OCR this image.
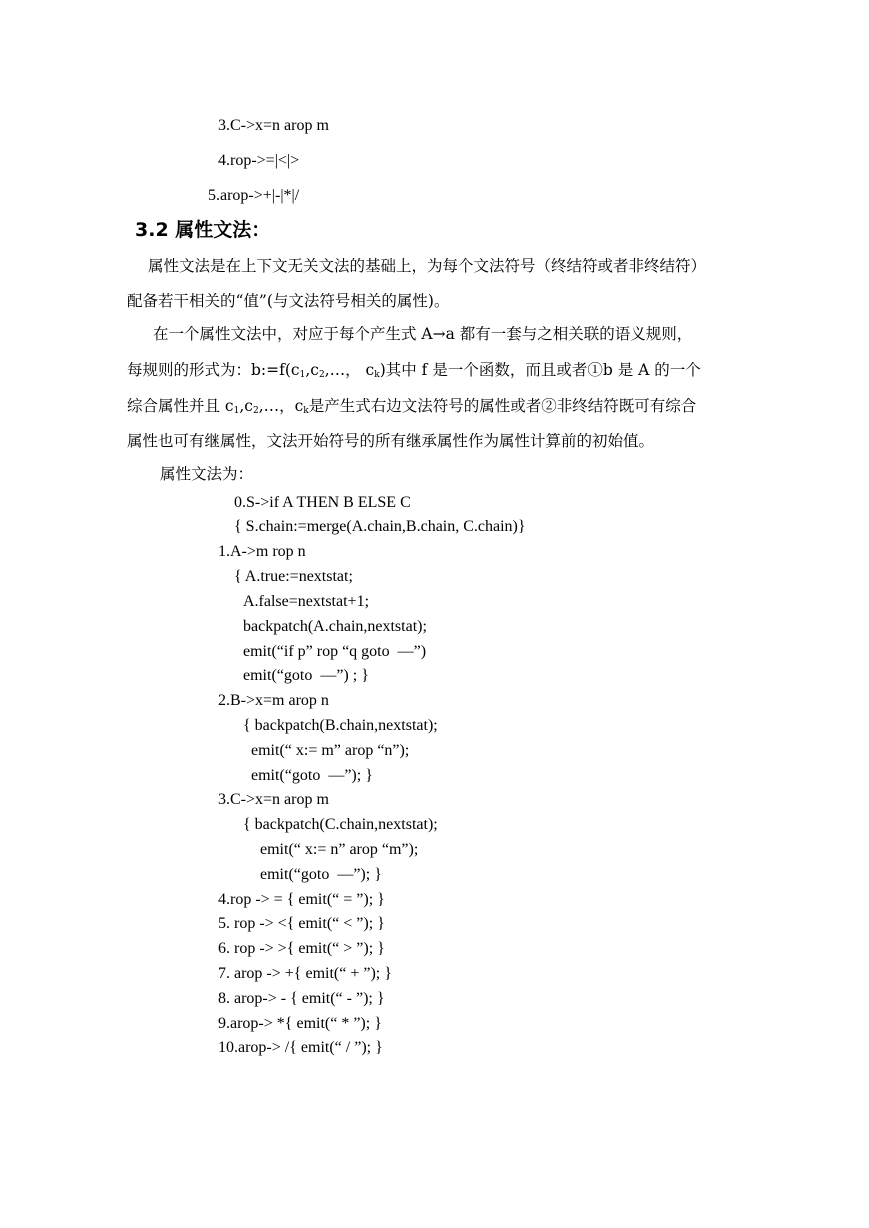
3.C->x=n arop m
4.rop->=|<|>
5.arop->+|-|*|/
3.2 属性文法：
属性文法是在上下文无关文法的基础上，为每个文法符号（终结符或者非终结符）
配备若干相关的“值”(与文法符号相关的属性)。
在一个属性文法中，对应于每个产生式 A→a 都有一套与之相关联的语义规则，
每规则的形式为：$b:=f(c_1,c_2,\dots$， $c_k$)其中 f 是一个函数，而且或者①b 是 A 的一个
综合属性并且 $c_1,c_2,\dots$，$c_k$是产生式右边文法符号的属性或者②非终结符既可有综合
属性也可有继属性，文法开始符号的所有继承属性作为属性计算前的初始值。
属性文法为：
0.S->if A THEN B ELSE C
{ S.chain:=merge(A.chain,B.chain, C.chain)}
1.A->m rop n
{ A.true:=nextstat;
A.false=nextstat+1;
backpatch(A.chain,nextstat);
emit(“if p” rop “q goto  —”)
emit(“goto  —”) ; }
2.B->x=m arop n
{ backpatch(B.chain,nextstat);
emit(“ x:= m” arop “n”);
emit(“goto  —”); }
3.C->x=n arop m
{ backpatch(C.chain,nextstat);
emit(“ x:= n” arop “m”);
emit(“goto  —”); }
4.rop -> = { emit(“ = ”); }
5. rop -> <{ emit(“ < ”); }
6. rop -> >{ emit(“ > ”); }
7. arop -> +{ emit(“ + ”); }
8. arop-> - { emit(“ - ”); }
9.arop-> *{ emit(“ * ”); }
10.arop-> /{ emit(“ / ”); }
